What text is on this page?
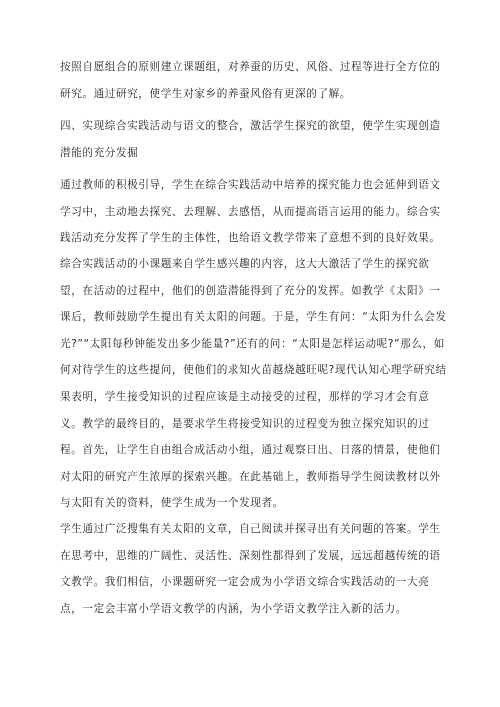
按照自愿组合的原则建立课题组，对养蚕的历史、风俗、过程等进行全方位的研究。通过研究，使学生对家乡的养蚕风俗有更深的了解。

四、实现综合实践活动与语文的整合，激活学生探究的欲望，使学生实现创造潜能的充分发掘

通过教师的积极引导，学生在综合实践活动中培养的探究能力也会延伸到语文学习中，主动地去探究、去理解、去感悟，从而提高语言运用的能力。综合实践活动充分发挥了学生的主体性，也给语文教学带来了意想不到的良好效果。

综合实践活动的小课题来自学生感兴趣的内容，这大大激活了学生的探究欲望，在活动的过程中，他们的创造潜能得到了充分的发挥。如教学《太阳》一课后，教师鼓励学生提出有关太阳的问题。于是，学生有问：“太阳为什么会发光?”“太阳每秒钟能发出多少能量?”还有的问：“太阳是怎样运动呢?”那么，如何对待学生的这些提问，使他们的求知火苗越烧越旺呢?现代认知心理学研究结果表明，学生接受知识的过程应该是主动接受的过程，那样的学习才会有意义。教学的最终目的，是要求学生将接受知识的过程变为独立探究知识的过程。首先，让学生自由组合成活动小组，通过观察日出、日落的情景，使他们对太阳的研究产生浓厚的探索兴趣。在此基础上，教师指导学生阅读教材以外与太阳有关的资料，使学生成为一个发现者。

学生通过广泛搜集有关太阳的文章，自己阅读并探寻出有关问题的答案。学生在思考中，思维的广阔性、灵活性、深刻性都得到了发展，远远超越传统的语文教学。我们相信，小课题研究一定会成为小学语文综合实践活动的一大亮点，一定会丰富小学语文教学的内涵，为小学语文教学注入新的活力。
